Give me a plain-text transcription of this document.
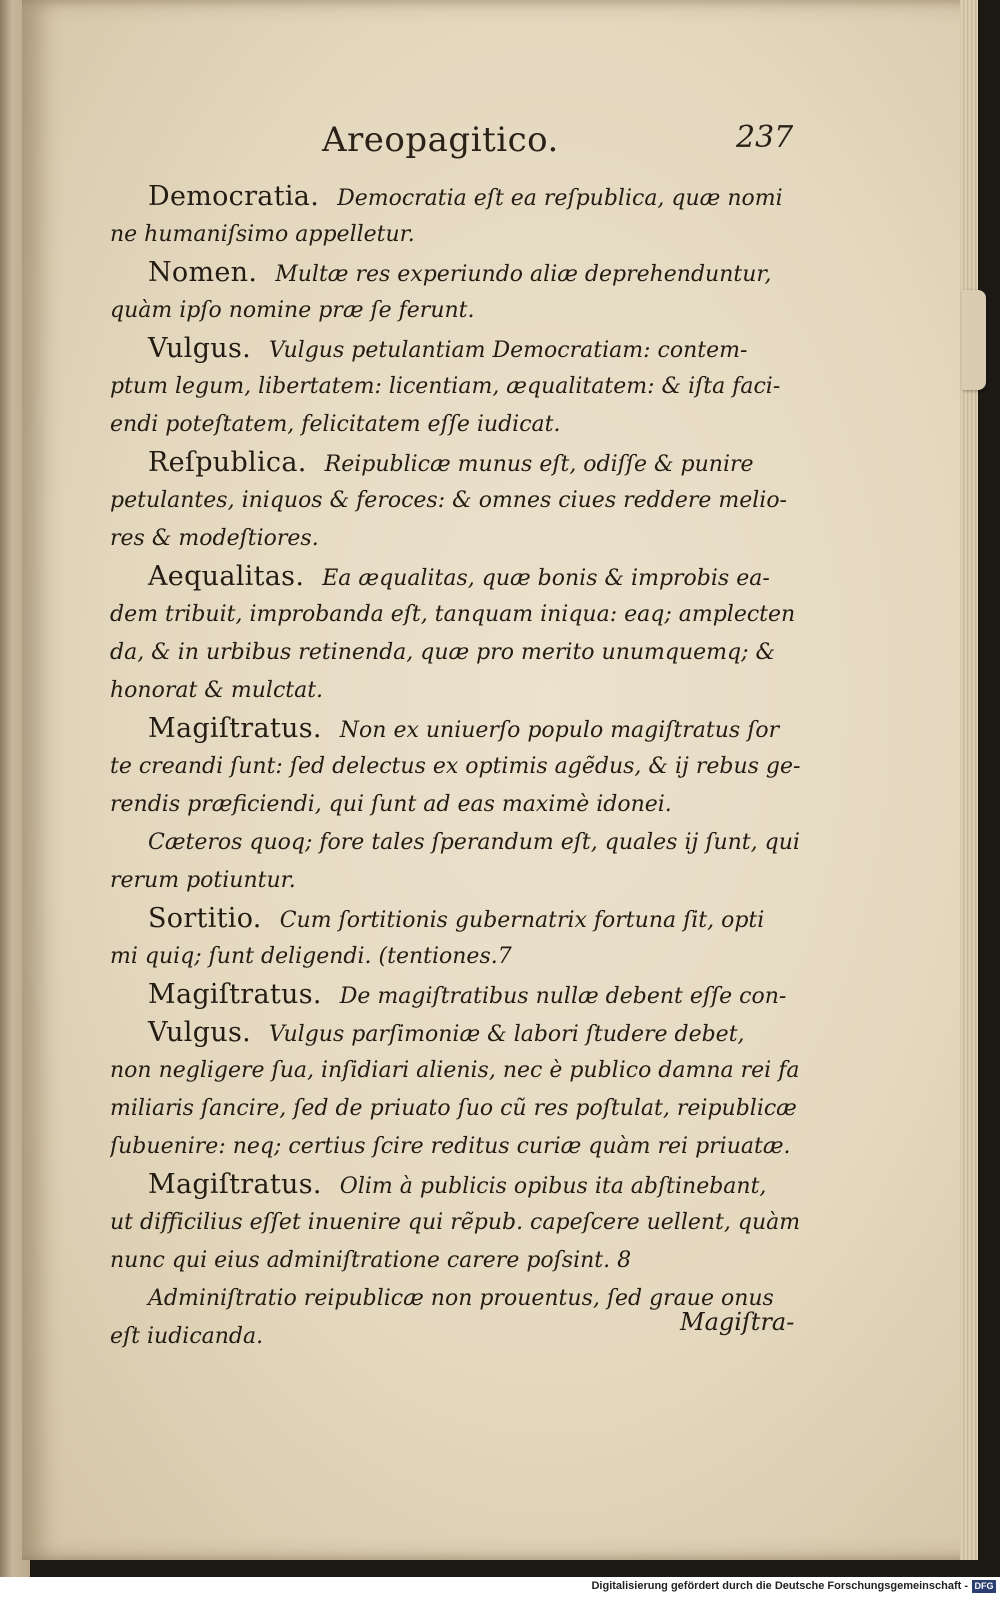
Areopagitico.	237
Democratia. Democratia eſt ea reſpublica, quæ nomi
ne humaniſsimo appelletur.
Nomen. Multæ res experiundo aliæ deprehenduntur,
quàm ipſo nomine præ ſe ferunt.
Vulgus. Vulgus petulantiam Democratiam: contem-
ptum legum, libertatem: licentiam, æqualitatem: & iſta faci-
endi poteſtatem, felicitatem eſſe iudicat.
Reſpublica. Reipublicæ munus eſt, odiſſe & punire
petulantes, iniquos & feroces: & omnes ciues reddere melio-
res & modeſtiores.
Aequalitas. Ea æqualitas, quæ bonis & improbis ea-
dem tribuit, improbanda eſt, tanquam iniqua: eaq; amplecten
da, & in urbibus retinenda, quæ pro merito unumquemq; &
honorat & mulctat.
Magiſtratus. Non ex uniuerſo populo magiſtratus ſor
te creandi ſunt: ſed delectus ex optimis agẽdus, & ij rebus ge-
rendis præficiendi, qui ſunt ad eas maximè idonei.
Cæteros quoq; fore tales ſperandum eſt, quales ij ſunt, qui
rerum potiuntur.
Sortitio. Cum ſortitionis gubernatrix fortuna ſit, opti
mi quiq; ſunt deligendi. (tentiones.7
Magiſtratus. De magiſtratibus nullæ debent eſſe con-
Vulgus. Vulgus parſimoniæ & labori ſtudere debet,
non negligere ſua, inſidiari alienis, nec è publico damna rei fa
miliaris ſancire, ſed de priuato ſuo cũ res poſtulat, reipublicæ
ſubuenire: neq; certius ſcire reditus curiæ quàm rei priuatæ.
Magiſtratus. Olim à publicis opibus ita abſtinebant,
ut difficilius eſſet inuenire qui rẽpub. capeſcere uellent, quàm
nunc qui eius adminiſtratione carere poſsint. 8
Adminiſtratio reipublicæ non prouentus, ſed graue onus
eſt iudicanda.
Magiſtra-
Digitalisierung gefördert durch die Deutsche Forschungsgemeinschaft - DFG
